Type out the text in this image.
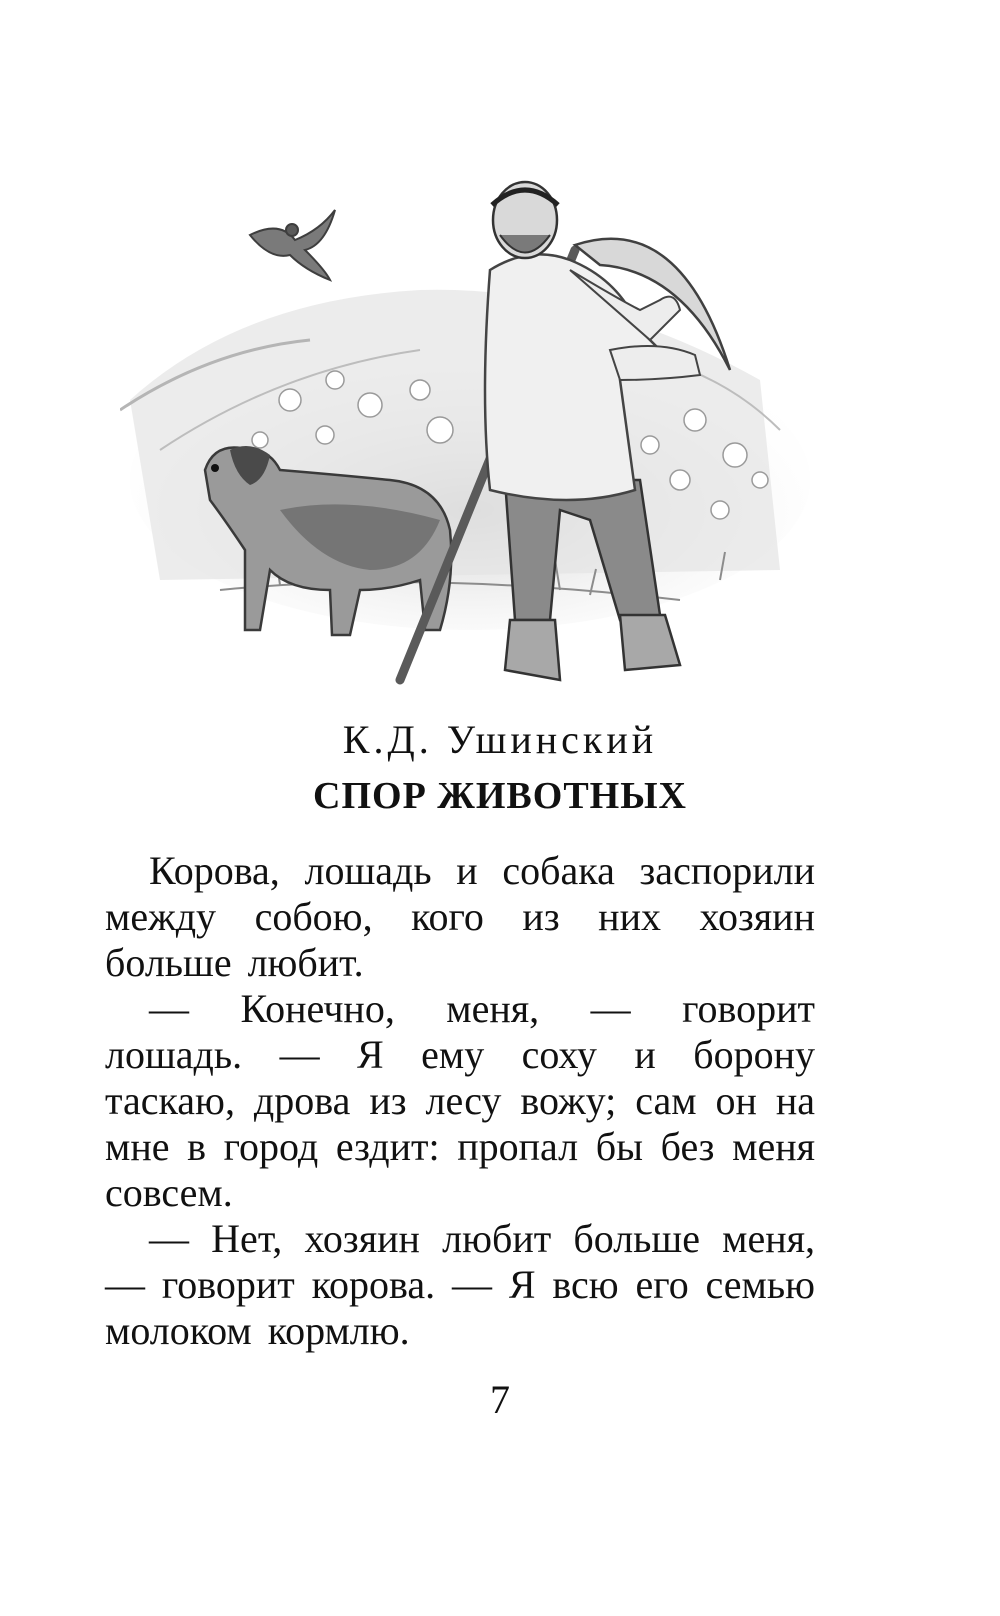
К.Д. Ушинский
СПОР ЖИВОТНЫХ

Корова, лошадь и собака заспорили между собою, кого из них хозяин больше любит.

— Конечно, меня, — говорит лошадь. — Я ему соху и борону таскаю, дрова из лесу вожу; сам он на мне в город ездит: пропал бы без меня совсем.

— Нет, хозяин любит больше меня, — говорит корова. — Я всю его семью молоком кормлю.

7
